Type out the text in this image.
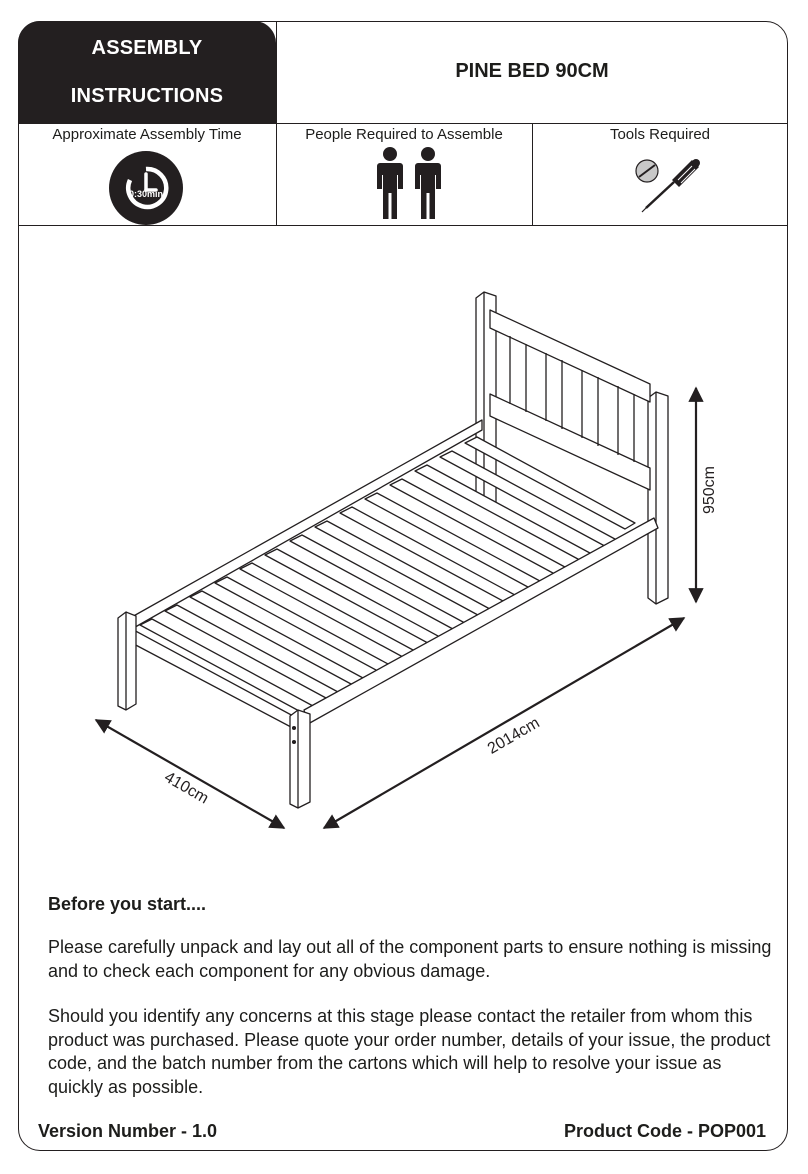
ASSEMBLY
INSTRUCTIONS
PINE BED 90CM
Approximate Assembly Time	People Required to Assemble	Tools Required
0:30min
950cm
2014cm
410cm
Before you start....

Please carefully unpack and lay out all of the component parts to ensure nothing is missing and to check each component for any obvious damage.

Should you identify any concerns at this stage please contact the retailer from whom this product was purchased. Please quote your order number, details of your issue, the product code, and the batch number from the cartons which will help to resolve your issue as quickly as possible.

Version Number - 1.0	Product Code - POP001
